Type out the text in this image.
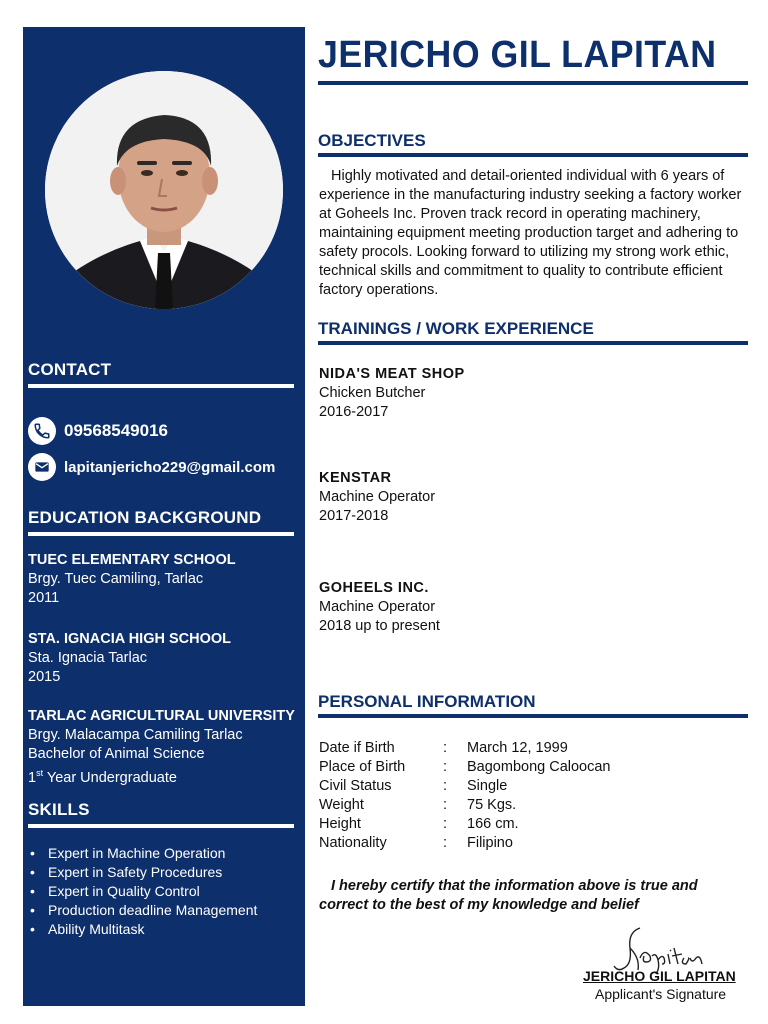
CONTACT
09568549016
lapitanjericho229@gmail.com
EDUCATION BACKGROUND
TUEC ELEMENTARY SCHOOL
Brgy. Tuec Camiling, Tarlac
2011
STA. IGNACIA HIGH SCHOOL
Sta. Ignacia Tarlac
2015
TARLAC AGRICULTURAL UNIVERSITY
Brgy. Malacampa Camiling Tarlac
Bachelor of Animal Science
1st Year Undergraduate
SKILLS
• Expert in Machine Operation
• Expert in Safety Procedures
• Expert in Quality Control
• Production deadline Management
• Ability Multitask
JERICHO GIL LAPITAN
OBJECTIVES
Highly motivated and detail-oriented individual with 6 years of experience in the manufacturing industry seeking a factory worker at Goheels Inc. Proven track record in operating machinery, maintaining equipment meeting production target and adhering to safety procols. Looking forward to utilizing my strong work ethic, technical skills and commitment to quality to contribute efficient factory operations.
TRAININGS / WORK EXPERIENCE
NIDA'S MEAT SHOP
Chicken Butcher
2016-2017
KENSTAR
Machine Operator
2017-2018
GOHEELS INC.
Machine Operator
2018 up to present
PERSONAL INFORMATION
Date if Birth	:	March 12, 1999
Place of Birth	:	Bagombong Caloocan
Civil Status	:	Single
Weight	:	75 Kgs.
Height	:	166 cm.
Nationality	:	Filipino
I hereby certify that the information above is true and correct to the best of my knowledge and belief
JERICHO GIL LAPITAN
Applicant's Signature
